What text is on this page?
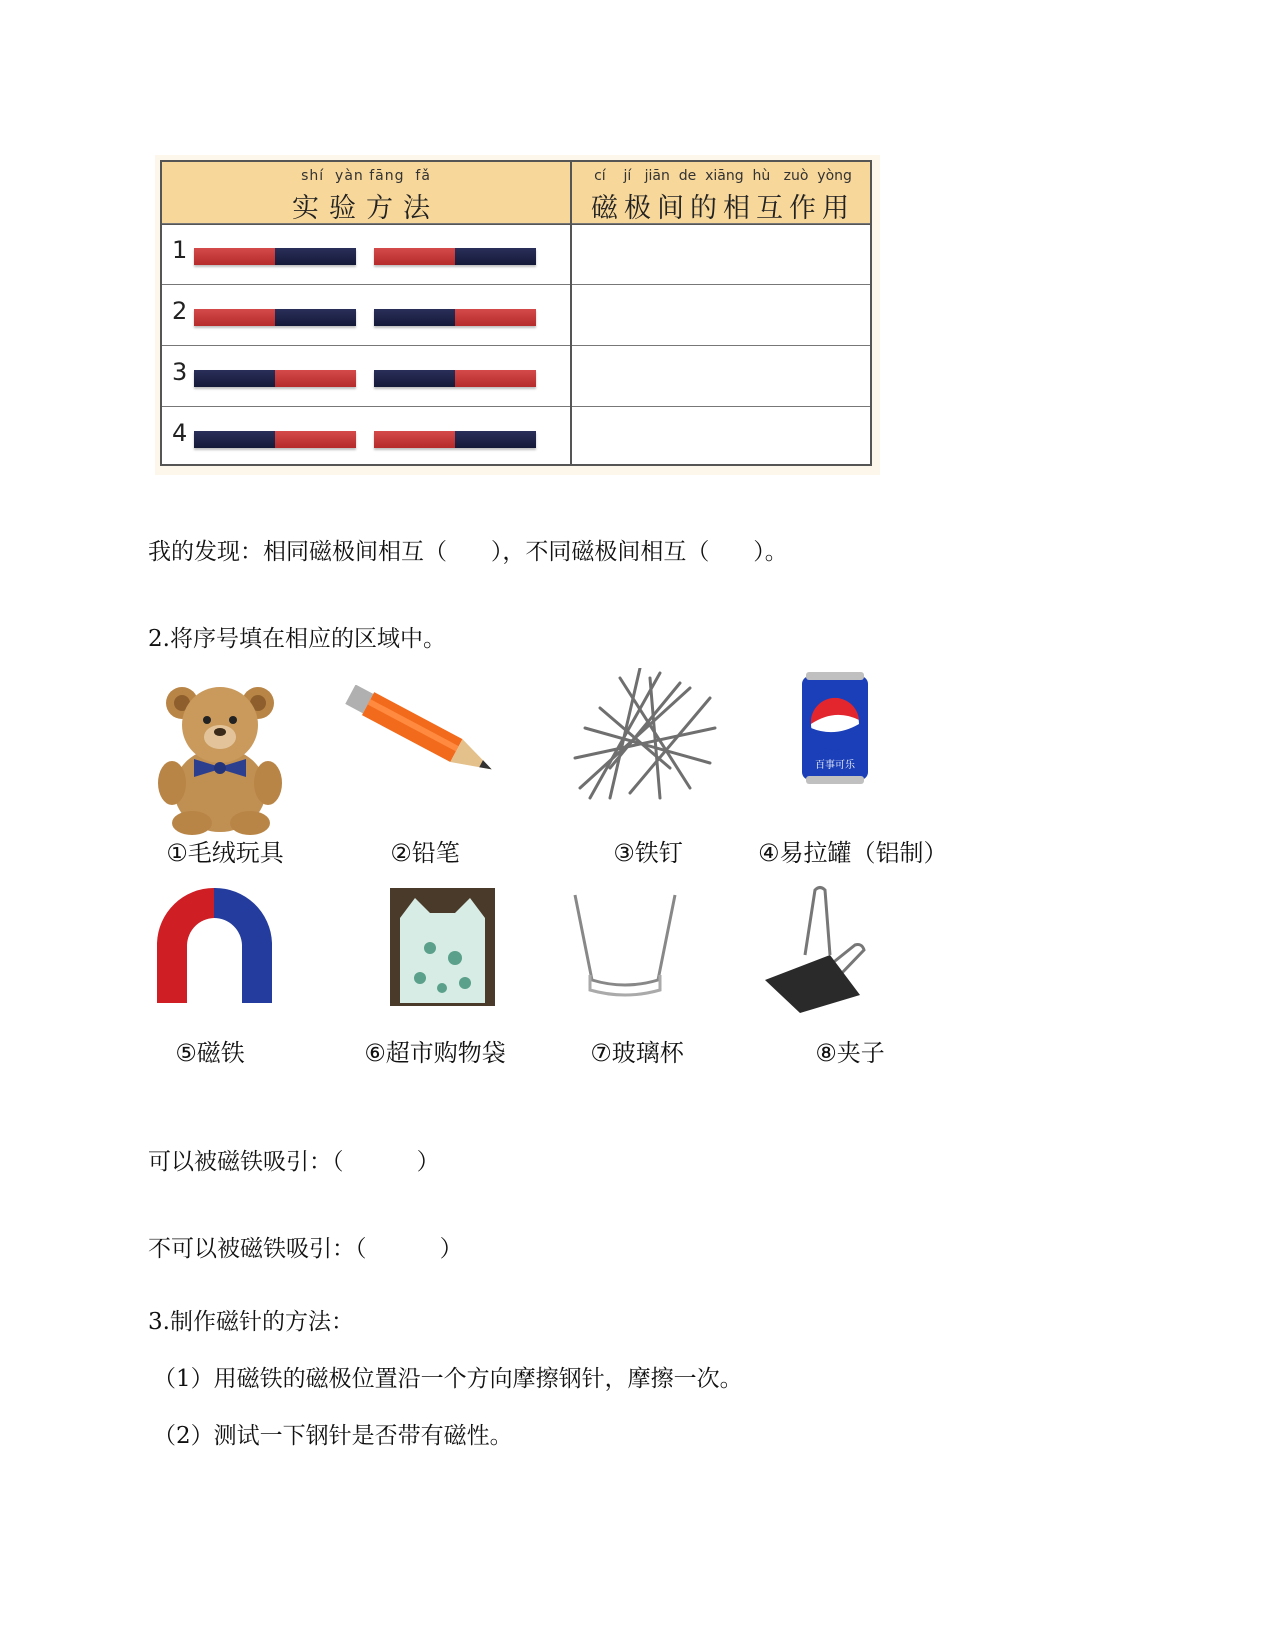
shí  yàn fāng  fǎ
实验方法
cí    jí   jiān  de  xiāng  hù   zuò  yòng
磁极间的相互作用
1
2
3
4
我的发现：相同磁极间相互（      ），不同磁极间相互（      ）。
2.将序号填在相应的区域中。
百事可乐
①毛绒玩具	②铅笔	③铁钉	④易拉罐（铝制）
⑤磁铁	⑥超市购物袋	⑦玻璃杯	⑧夹子
可以被磁铁吸引：（          ）
不可以被磁铁吸引：（          ）
3.制作磁针的方法：
（1）用磁铁的磁极位置沿一个方向摩擦钢针，摩擦一次。
（2）测试一下钢针是否带有磁性。
